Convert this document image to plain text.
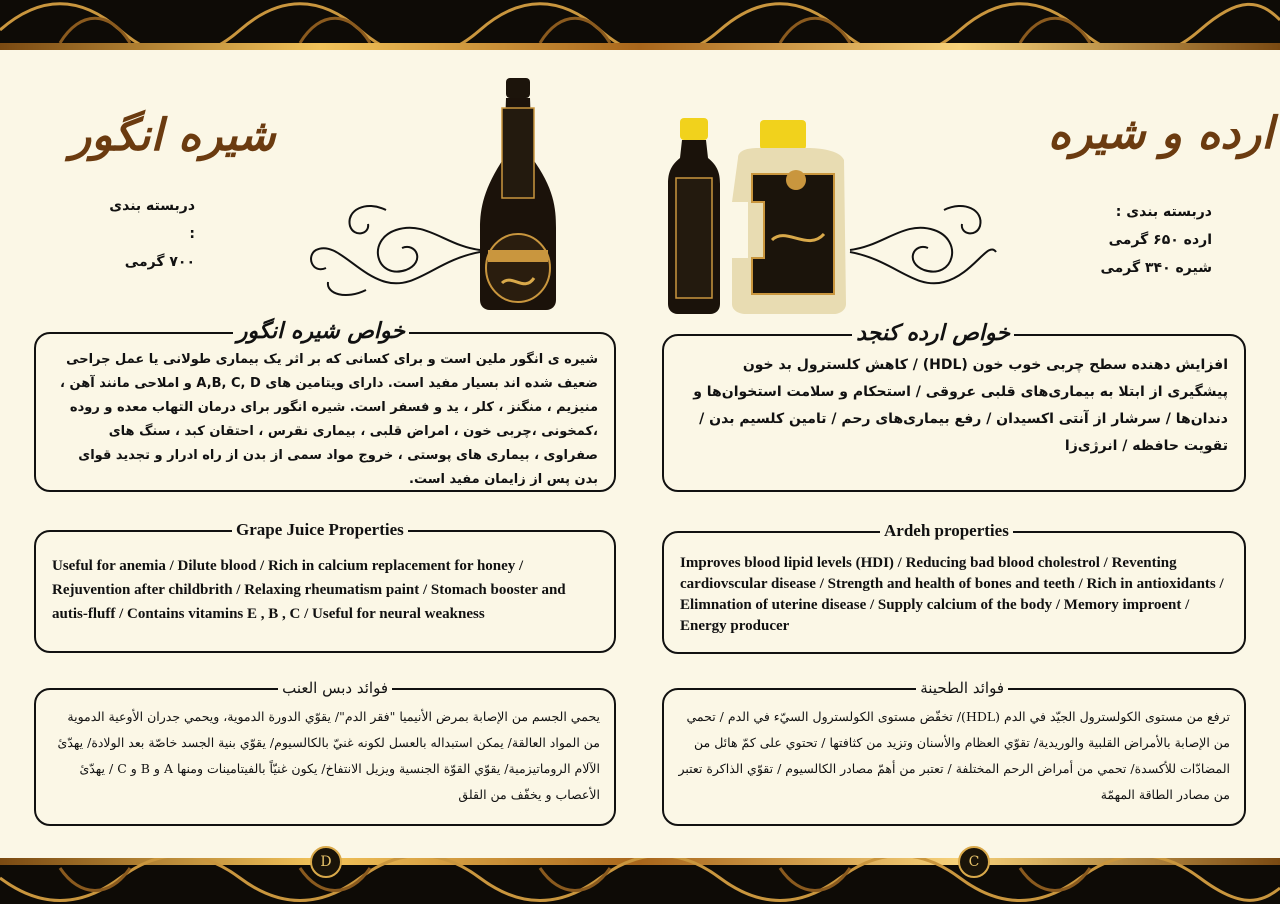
شیره انگور
دربسته بندی :
۷۰۰ گرمی
خواص شیره انگور
شیره ی انگور ملین است و برای کسانی که بر اثر یک بیماری طولانی یا عمل جراحی ضعیف شده اند بسیار مفید است. دارای ویتامین های A,B, C, D و املاحی مانند آهن ، منیزیم ، منگنز ، کلر ، ید و فسفر است. شیره انگور برای درمان التهاب معده و روده ،کمخونی ،چربی خون ، امراض قلبی ، بیماری نقرس ، احتقان کبد ، سنگ های صفراوی ، بیماری های پوستی ، خروج مواد سمی از بدن از راه ادرار و تجدید قوای بدن پس از زایمان مفید است.
Grape Juice Properties
Useful for anemia / Dilute blood / Rich in calcium replacement for honey / Rejuvention after childbrith / Relaxing rheumatism paint / Stomach booster and autis-fluff / Contains vitamins E , B , C / Useful for neural weakness
فوائد دبس العنب
یحمي الجسم من الإصابة بمرض الأنیمیا "فقر الدم"/ یقوّي الدورة الدمویة، ویحمي جدران الأوعیة الدمویة من المواد العالقة/ یمکن استبداله بالعسل لکونه غنيّ بالکالسیوم/ یقوّي بنیة الجسد خاصّة بعد الولادة/ یهدّئ الآلام الروماتیزمیة/ یقوّي القوّة الجنسیة ویزیل الانتفاخ/ یکون غنیّاً بالفیتامینات ومنها A و B و C / یهدّئ الأعصاب و یخفّف من القلق
ارده و شیره
دربسته بندی :
ارده ۶۵۰ گرمی
شیره ۳۴۰ گرمی
خواص ارده کنجد
افزایش دهنده سطح چربی خوب خون (HDL) / کاهش کلسترول بد خون پیشگیری از ابتلا به بیماری‌های قلبی عروقی / استحکام و سلامت استخوان‌ها و دندان‌ها / سرشار از آنتی اکسیدان / رفع بیماری‌های رحم / تامین کلسیم بدن / تقویت حافظه / انرژی‌زا
Ardeh properties
Improves blood lipid levels (HDI) / Reducing bad blood cholestrol / Reventing cardiovscular disease / Strength and health of bones and teeth / Rich in antioxidants / Elimnation of uterine disease / Supply calcium of the body / Memory improent / Energy producer
فوائد الطحینة
ترفع من مستوى الکولسترول الجیّد في الدم (HDL)/ تخفّض مستوى الکولسترول السيّء في الدم / تحمي من الإصابة بالأمراض القلبیة والوریدیة/ تقوّي العظام والأسنان وتزید من کثافتها / تحتوي على کمّ هائل من المضادّات للأکسدة/ تحمي من أمراض الرحم المختلفة / تعتبر من أهمّ مصادر الکالسیوم / تقوّي الذاکرة تعتبر من مصادر الطاقة المهمّة
D	C
